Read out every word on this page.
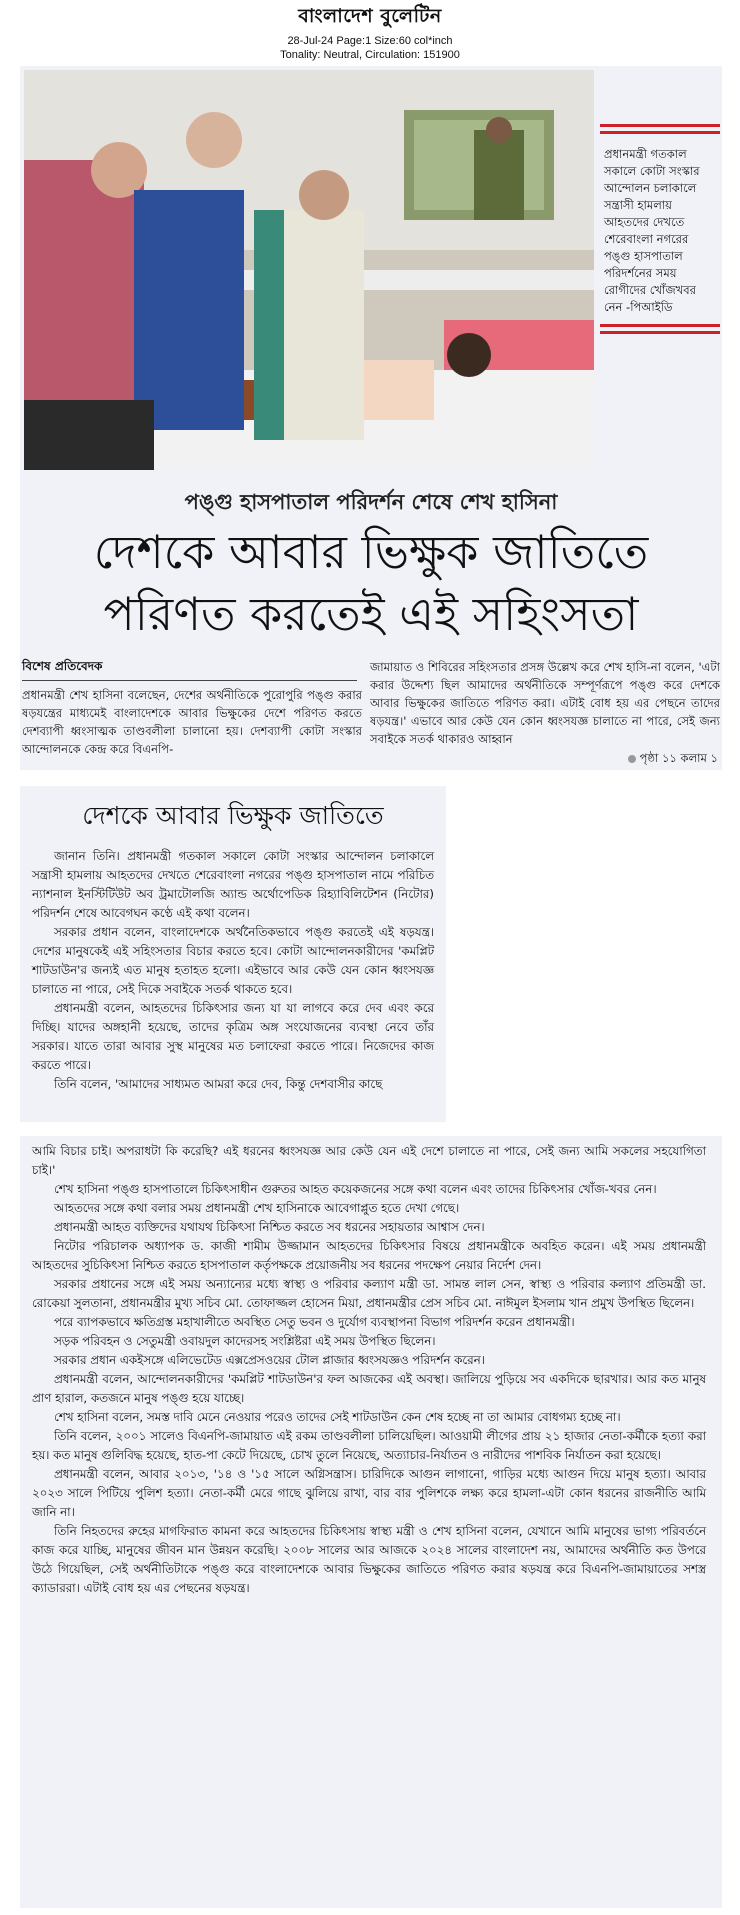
বাংলাদেশ বুলেটিন
28-Jul-24 Page:1 Size:60 col*inch
Tonality: Neutral, Circulation: 151900
প্রধানমন্ত্রী গতকাল সকালে কোটা সংস্কার আন্দোলন চলাকালে সন্ত্রাসী হামলায় আহতদের দেখতে শেরেবাংলা নগরের পঙ্গু হাসপাতাল পরিদর্শনের সময় রোগীদের খোঁজখবর নেন -পিআইডি
পঙ্গু হাসপাতাল পরিদর্শন শেষে শেখ হাসিনা
দেশকে আবার ভিক্ষুক জাতিতে
পরিণত করতেই এই সহিংসতা
বিশেষ প্রতিবেদক
প্রধানমন্ত্রী শেখ হাসিনা বলেছেন, দেশের অর্থনীতিকে পুরোপুরি পঙ্গু করার ষড়যন্ত্রের মাধ্যমেই বাংলাদেশকে আবার ভিক্ষুকের দেশে পরিণত করতে দেশব্যাপী ধ্বংসাত্মক তাণ্ডবলীলা চালানো হয়। দেশব্যাপী কোটা সংস্কার আন্দোলনকে কেন্দ্র করে বিএনপি-
জামায়াত ও শিবিরের সহিংসতার প্রসঙ্গ উল্লেখ করে শেখ হাসি-না বলেন, 'এটা করার উদ্দেশ্য ছিল আমাদের অর্থনীতিকে সম্পূর্ণরূপে পঙ্গু করে দেশকে আবার ভিক্ষুকের জাতিতে পরিণত করা। এটাই বোধ হয় এর পেছনে তাদের ষড়যন্ত্র।' এভাবে আর কেউ যেন কোন ধ্বংসযজ্ঞ চালাতে না পারে, সেই জন্য সবাইকে সতর্ক থাকারও আহ্বান
পৃষ্ঠা ১১ কলাম ১
দেশকে আবার ভিক্ষুক জাতিতে

জানান তিনি। প্রধানমন্ত্রী গতকাল সকালে কোটা সংস্কার আন্দোলন চলাকালে সন্ত্রাসী হামলায় আহতদের দেখতে শেরেবাংলা নগরের পঙ্গু হাসপাতাল নামে পরিচিত ন্যাশনাল ইনস্টিটিউট অব ট্রমাটোলজি অ্যান্ড অর্থোপেডিক রিহ্যাবিলিটেশন (নিটোর) পরিদর্শন শেষে আবেগঘন কণ্ঠে এই কথা বলেন।

সরকার প্রধান বলেন, বাংলাদেশকে অর্থনৈতিকভাবে পঙ্গু করতেই এই ষড়যন্ত্র। দেশের মানুষকেই এই সহিংসতার বিচার করতে হবে। কোটা আন্দোলনকারীদের 'কমপ্লিট শাটডাউন'র জন্যই এত মানুষ হতাহত হলো। এইভাবে আর কেউ যেন কোন ধ্বংসযজ্ঞ চালাতে না পারে, সেই দিকে সবাইকে সতর্ক থাকতে হবে।

প্রধানমন্ত্রী বলেন, আহতদের চিকিৎসার জন্য যা যা লাগবে করে দেব এবং করে দিচ্ছি। যাদের অঙ্গহানী হয়েছে, তাদের কৃত্রিম অঙ্গ সংযোজনের ব্যবস্থা নেবে তাঁর সরকার। যাতে তারা আবার সুস্থ মানুষের মত চলাফেরা করতে পারে। নিজেদের কাজ করতে পারে।

তিনি বলেন, 'আমাদের সাধ্যমত আমরা করে দেব, কিন্তু দেশবাসীর কাছে

আমি বিচার চাই। অপরাধটা কি করেছি? এই ধরনের ধ্বংসযজ্ঞ আর কেউ যেন এই দেশে চালাতে না পারে, সেই জন্য আমি সকলের সহযোগিতা চাই।'

শেখ হাসিনা পঙ্গু হাসপাতালে চিকিৎসাধীন গুরুতর আহত কয়েকজনের সঙ্গে কথা বলেন এবং তাদের চিকিৎসার খোঁজ-খবর নেন।

আহতদের সঙ্গে কথা বলার সময় প্রধানমন্ত্রী শেখ হাসিনাকে আবেগাপ্লুত হতে দেখা গেছে।

প্রধানমন্ত্রী আহত ব্যক্তিদের যথাযথ চিকিৎসা নিশ্চিত করতে সব ধরনের সহায়তার আশ্বাস দেন।

নিটোর পরিচালক অধ্যাপক ড. কাজী শামীম উজ্জামান আহতদের চিকিৎসার বিষয়ে প্রধানমন্ত্রীকে অবহিত করেন। এই সময় প্রধানমন্ত্রী আহতদের সুচিকিৎসা নিশ্চিত করতে হাসপাতাল কর্তৃপক্ষকে প্রয়োজনীয় সব ধরনের পদক্ষেপ নেয়ার নির্দেশ দেন।

সরকার প্রধানের সঙ্গে এই সময় অন্যান্যের মধ্যে স্বাস্থ্য ও পরিবার কল্যাণ মন্ত্রী ডা. সামন্ত লাল সেন, স্বাস্থ্য ও পরিবার কল্যাণ প্রতিমন্ত্রী ডা. রোকেয়া সুলতানা, প্রধানমন্ত্রীর মুখ্য সচিব মো. তোফাজ্জল হোসেন মিয়া, প্রধানমন্ত্রীর প্রেস সচিব মো. নাঈমুল ইসলাম খান প্রমুখ উপস্থিত ছিলেন।

পরে ব্যাপকভাবে ক্ষতিগ্রস্ত মহাখালীতে অবস্থিত সেতু ভবন ও দুর্যোগ ব্যবস্থাপনা বিভাগ পরিদর্শন করেন প্রধানমন্ত্রী।

সড়ক পরিবহন ও সেতুমন্ত্রী ওবায়দুল কাদেরসহ সংশ্লিষ্টরা এই সময় উপস্থিত ছিলেন।

সরকার প্রধান একইসঙ্গে এলিভেটেড এক্সপ্রেসওয়ের টোল প্লাজার ধ্বংসযজ্ঞও পরিদর্শন করেন।

প্রধানমন্ত্রী বলেন, আন্দোলনকারীদের 'কমপ্লিট শাটডাউন'র ফল আজকের এই অবস্থা। জালিয়ে পুড়িয়ে সব একদিকে ছারখার। আর কত মানুষ প্রাণ হারাল, কতজনে মানুষ পঙ্গু হয়ে যাচ্ছে।

শেখ হাসিনা বলেন, সমস্ত দাবি মেনে নেওয়ার পরেও তাদের সেই শাটডাউন কেন শেষ হচ্ছে না তা আমার বোধগম্য হচ্ছে না।

তিনি বলেন, ২০০১ সালেও বিএনপি-জামায়াত এই রকম তাণ্ডবলীলা চালিয়েছিল। আওয়ামী লীগের প্রায় ২১ হাজার নেতা-কর্মীকে হত্যা করা হয়। কত মানুষ গুলিবিদ্ধ হয়েছে, হাত-পা কেটে দিয়েছে, চোখ তুলে নিয়েছে, অত্যাচার-নির্যাতন ও নারীদের পাশবিক নির্যাতন করা হয়েছে।

প্রধানমন্ত্রী বলেন, আবার ২০১৩, '১৪ ও '১৫ সালে অগ্নিসন্ত্রাস। চারিদিকে আগুন লাগানো, গাড়ির মধ্যে আগুন দিয়ে মানুষ হত্যা। আবার ২০২৩ সালে পিটিয়ে পুলিশ হত্যা। নেতা-কর্মী মেরে গাছে ঝুলিয়ে রাখা, বার বার পুলিশকে লক্ষ্য করে হামলা-এটা কোন ধরনের রাজনীতি আমি জানি না।

তিনি নিহতদের রুহের মাগফিরাত কামনা করে আহতদের চিকিৎসায় স্বাস্থ্য মন্ত্রী ও শেখ হাসিনা বলেন, যেখানে আমি মানুষের ভাগ্য পরিবর্তনে কাজ করে যাচ্ছি, মানুষের জীবন মান উন্নয়ন করেছি। ২০০৮ সালের আর আজকে ২০২৪ সালের বাংলাদেশ নয়, আমাদের অর্থনীতি কত উপরে উঠে গিয়েছিল, সেই অর্থনীতিটাকে পঙ্গু করে বাংলাদেশকে আবার ভিক্ষুকের জাতিতে পরিণত করার ষড়যন্ত্র করে বিএনপি-জামায়াতের সশস্ত্র ক্যাডাররা। এটাই বোধ হয় এর পেছনের ষড়যন্ত্র।
